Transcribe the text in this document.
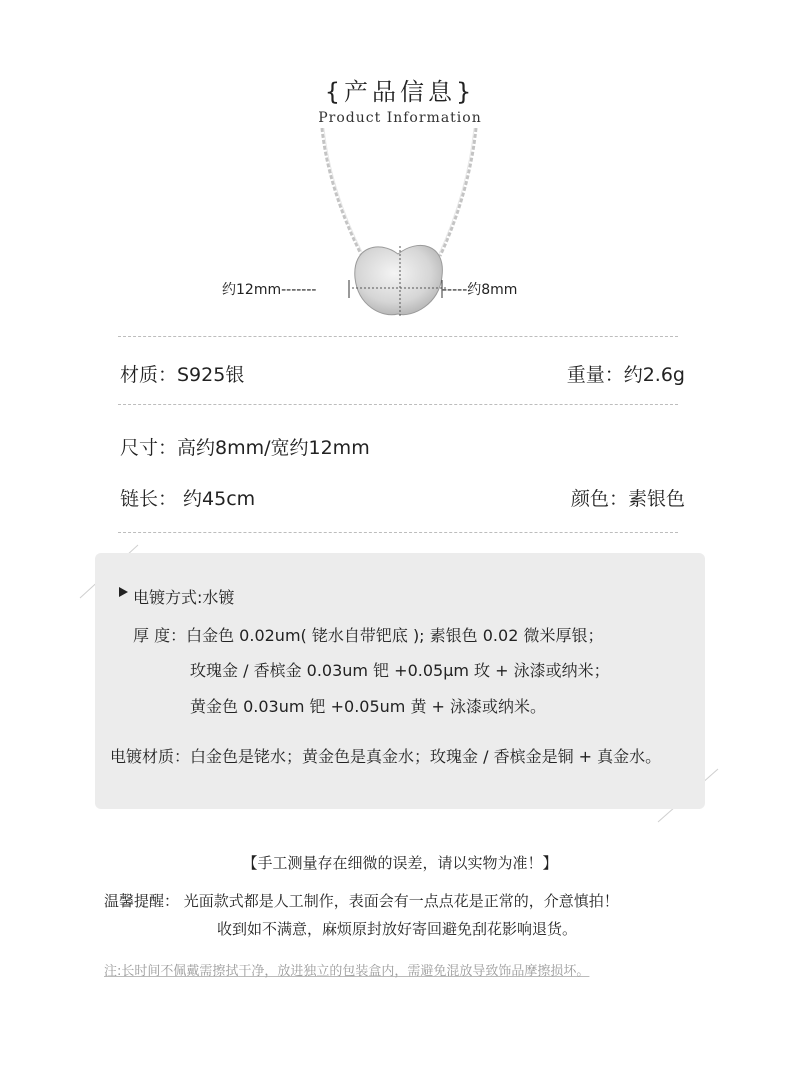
{产品信息}
Product Information
约12mm-------	-----约8mm
材质：S925银	重量：约2.6g
尺寸：高约8mm/宽约12mm
链长： 约45cm	颜色：素银色
电镀方式:水镀
厚 度：白金色 0.02um( 铑水自带钯底 ); 素银色 0.02 微米厚银；
玫瑰金 / 香槟金 0.03um 钯 +0.05μm 玫 + 泳漆或纳米；
黄金色 0.03um 钯 +0.05um 黄 + 泳漆或纳米。
电镀材质：白金色是铑水；黄金色是真金水；玫瑰金 / 香槟金是铜 + 真金水。
【手工测量存在细微的误差，请以实物为准！】
温馨提醒： 光面款式都是人工制作，表面会有一点点花是正常的，介意慎拍！
收到如不满意，麻烦原封放好寄回避免刮花影响退货。
注:长时间不佩戴需擦拭干净，放进独立的包装盒内，需避免混放导致饰品摩擦损坏。
